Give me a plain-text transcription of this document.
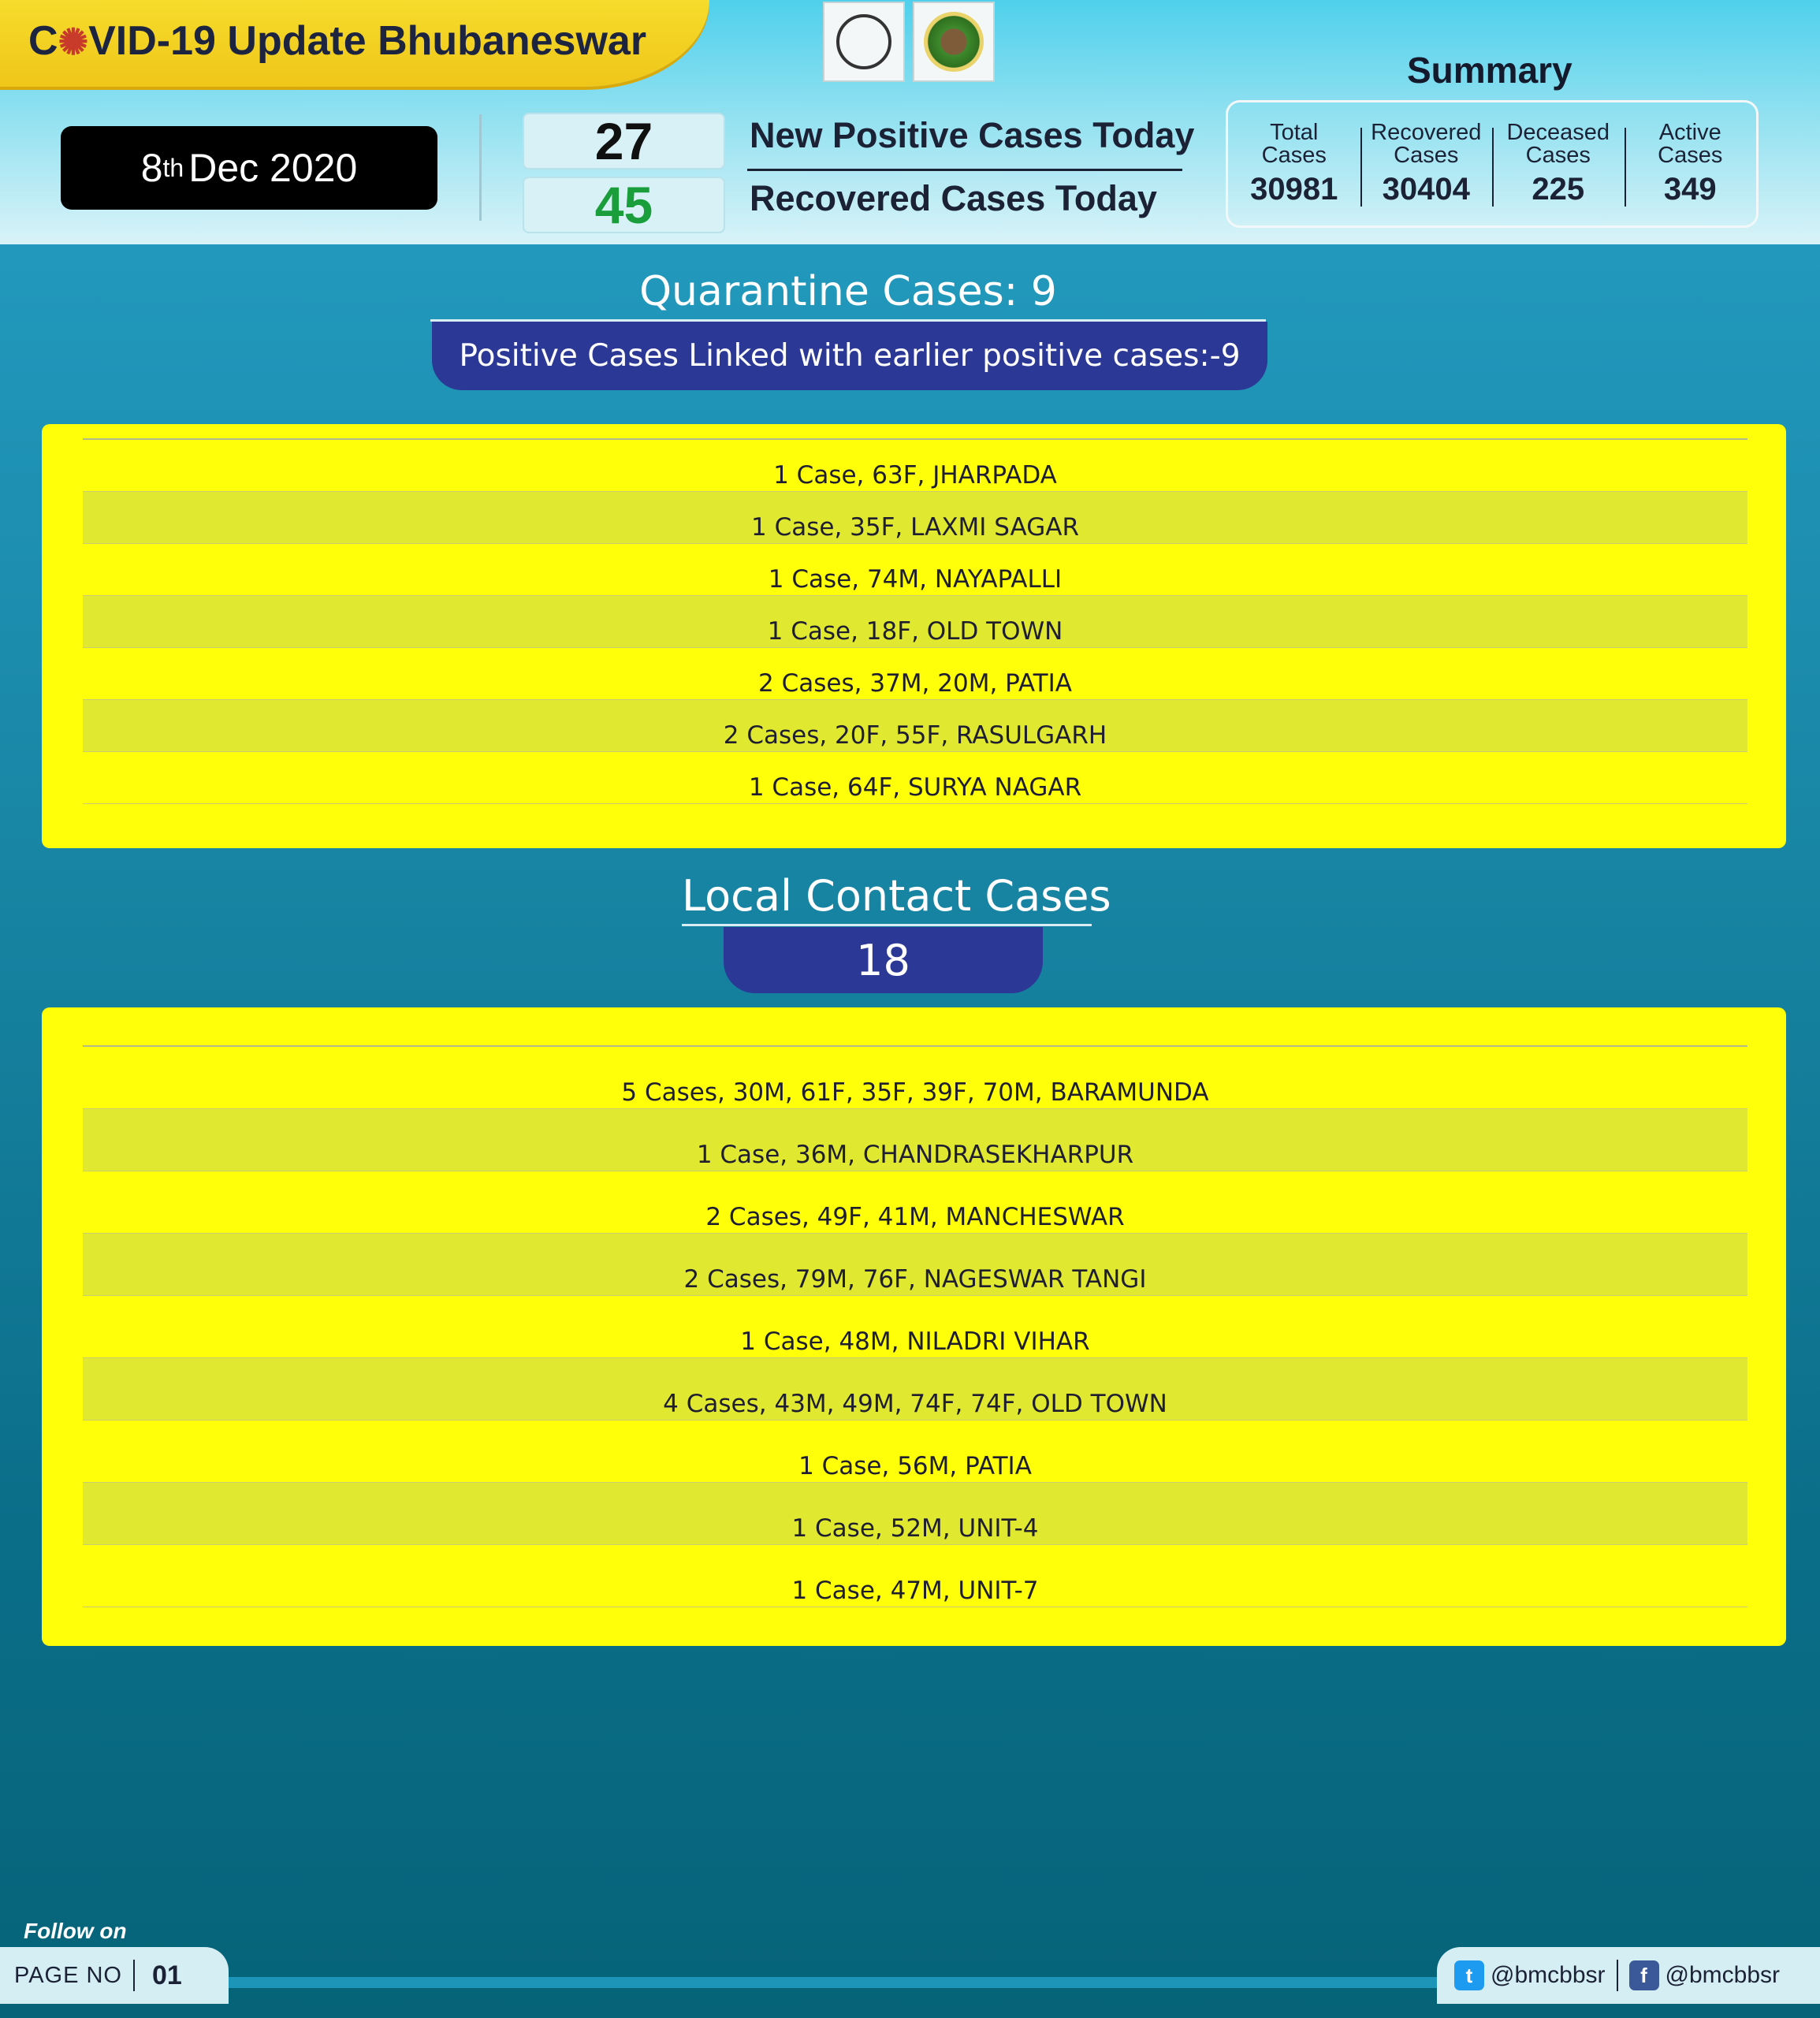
C✺VID-19 Update Bhubaneswar
8 th Dec 2020	27	New Positive Cases Today
45	Recovered Cases Today
Summary
Total
Cases
30981
Recovered
Cases
30404
Deceased
Cases
225
Active
Cases
349
Quarantine Cases: 9
Positive Cases Linked with earlier positive cases:-9
1 Case, 63F, JHARPADA
1 Case, 35F, LAXMI SAGAR
1 Case, 74M, NAYAPALLI
1 Case, 18F, OLD TOWN
2 Cases, 37M, 20M, PATIA
2 Cases, 20F, 55F, RASULGARH
1 Case, 64F, SURYA NAGAR
Local Contact Cases
18
5 Cases, 30M, 61F, 35F, 39F, 70M, BARAMUNDA
1 Case, 36M, CHANDRASEKHARPUR
2 Cases, 49F, 41M, MANCHESWAR
2 Cases, 79M, 76F, NAGESWAR TANGI
1 Case, 48M, NILADRI VIHAR
4 Cases, 43M, 49M, 74F, 74F, OLD TOWN
1 Case, 56M, PATIA
1 Case, 52M, UNIT-4
1 Case, 47M, UNIT-7
Follow on
PAGE NO 01	t @bmcbbsr	f @bmcbbsr
